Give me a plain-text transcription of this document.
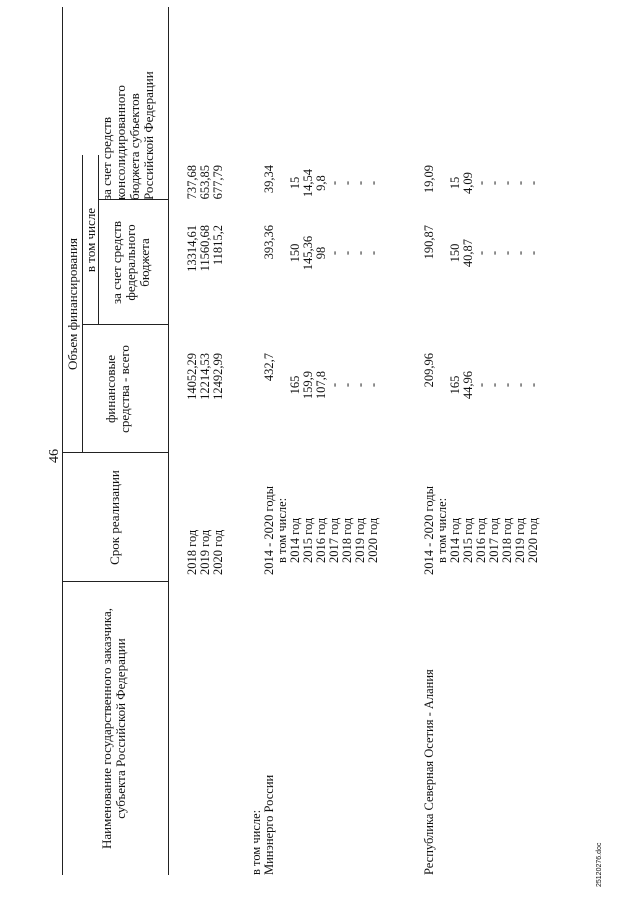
46
25120276.doc
Наименование государственного заказчика, субъекта Российской Федерации
Срок реализации
Объем финансирования
финансовые средства - всего
в том числе за счет средств федерального бюджета
за счет средств консолидированного бюджета субъектов Российской Федерации
2018 год 2019 год 2020 год
14052,29 12214,53 12492,99
13314,61 11560,68 11815,2
737,68 653,85 677,79
в том числе: Минэнерго России
2014 - 2020 годы в том числе:
432,7
393,36
39,34
2014 год 2015 год 2016 год 2017 год 2018 год 2019 год 2020 год
165 159,9 107,8 - - - -
150 145,36 98 - - - -
15 14,54 9,8 - - - -
Республика Северная Осетия - Алания
2014 - 2020 годы в том числе:
209,96
190,87
19,09
2014 год 2015 год 2016 год 2017 год 2018 год 2019 год 2020 год
165 44,96 - - - - -
150 40,87 - - - - -
15 4,09 - - - - -
